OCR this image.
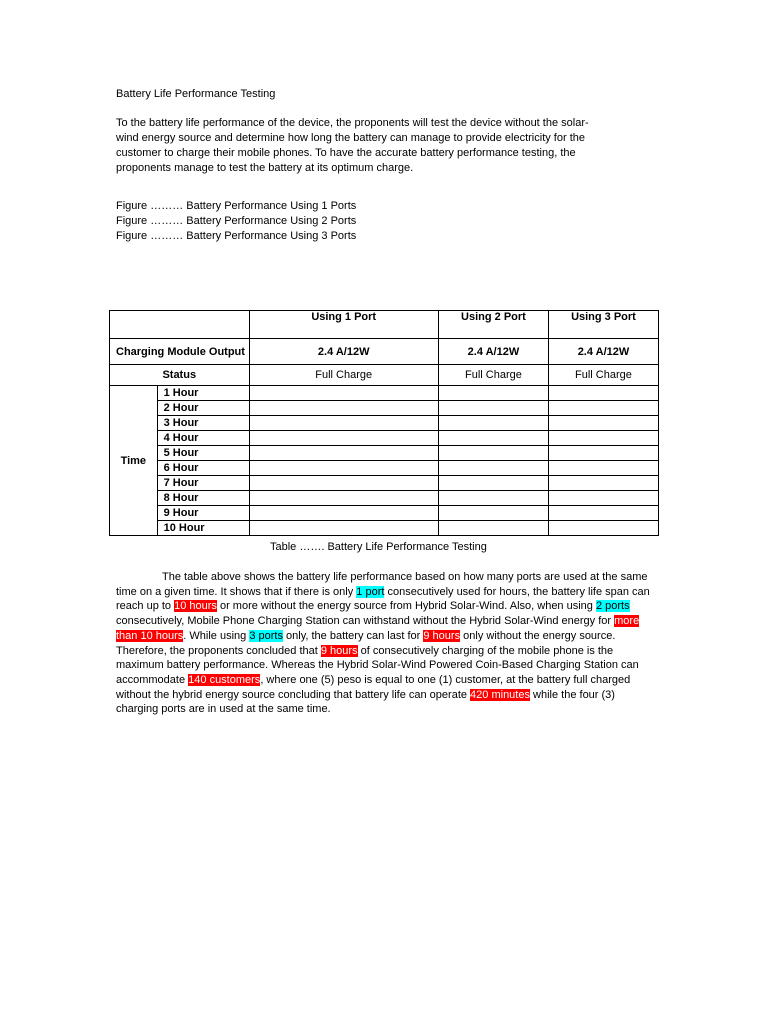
Battery Life Performance Testing

To the battery life performance of the device, the proponents will test the device without the solar-wind energy source and determine how long the battery can manage to provide electricity for the customer to charge their mobile phones. To have the accurate battery performance testing, the proponents manage to test the battery at its optimum charge.

Figure ……… Battery Performance Using 1 Ports
Figure ……… Battery Performance Using 2 Ports
Figure ……… Battery Performance Using 3 Ports
		Using 1 Port	Using 2 Port	Using 3 Port
Charging Module Output		2.4 A/12W	2.4 A/12W	2.4 A/12W
Status		Full Charge	Full Charge	Full Charge
Time	1 Hour			
	2 Hour			
	3 Hour			
	4 Hour			
	5 Hour			
	6 Hour			
	7 Hour			
	8 Hour			
	9 Hour			
	10 Hour			
Table ……. Battery Life Performance Testing

The table above shows the battery life performance based on how many ports are used at the same time on a given time. It shows that if there is only 1 port consecutively used for hours, the battery life span can reach up to 10 hours or more without the energy source from Hybrid Solar-Wind. Also, when using 2 ports consecutively, Mobile Phone Charging Station can withstand without the Hybrid Solar-Wind energy for more than 10 hours. While using 3 ports only, the battery can last for 9 hours only without the energy source. Therefore, the proponents concluded that 9 hours of consecutively charging of the mobile phone is the maximum battery performance. Whereas the Hybrid Solar-Wind Powered Coin-Based Charging Station can accommodate 140 customers, where one (5) peso is equal to one (1) customer, at the battery full charged without the hybrid energy source concluding that battery life can operate 420 minutes while the four (3) charging ports are in used at the same time.
